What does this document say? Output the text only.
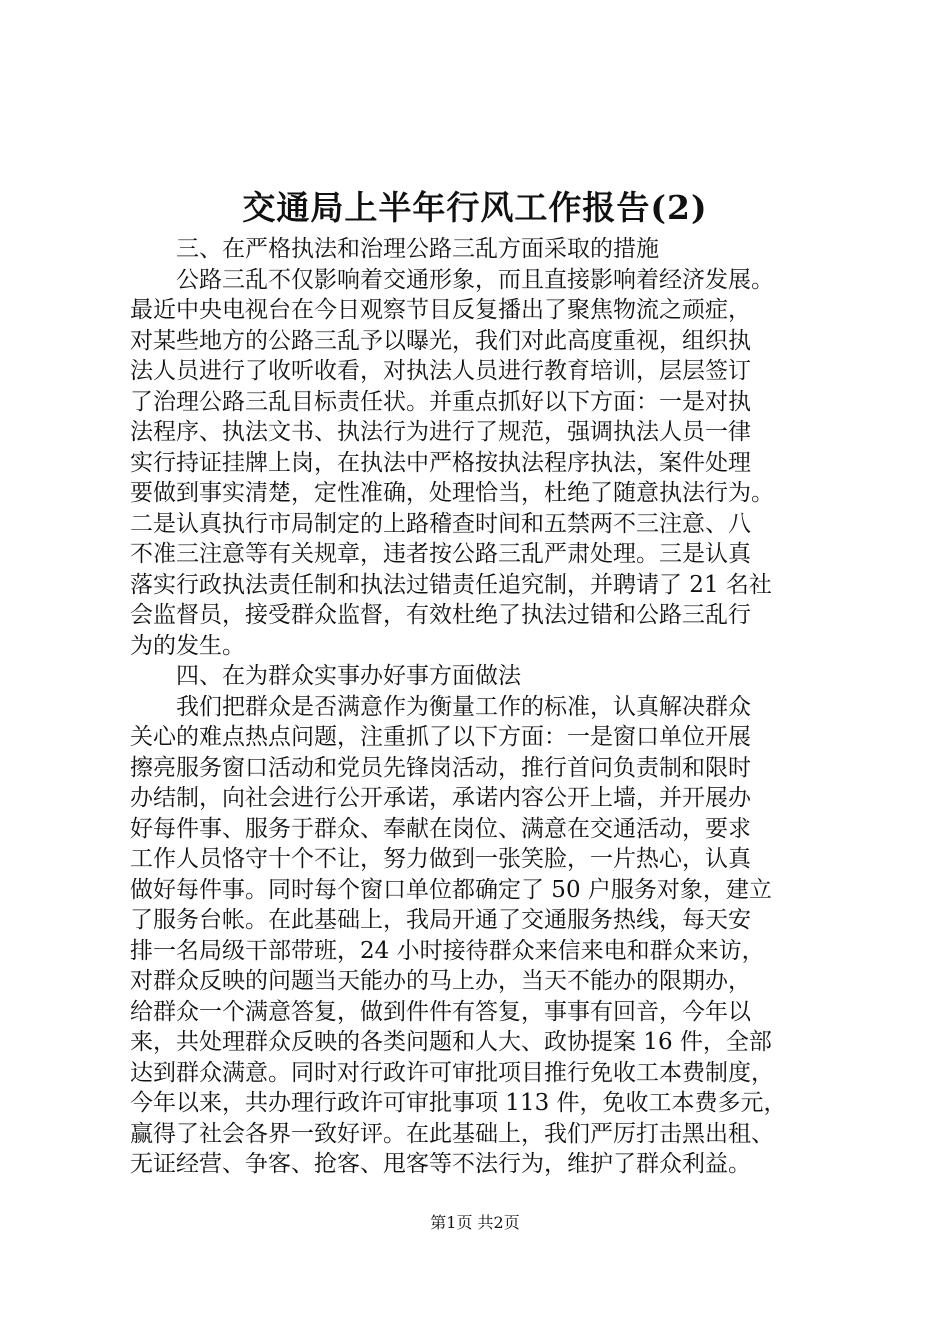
交通局上半年行风工作报告(2)
三、在严格执法和治理公路三乱方面采取的措施
公路三乱不仅影响着交通形象，而且直接影响着经济发展。
最近中央电视台在今日观察节目反复播出了聚焦物流之顽症，
对某些地方的公路三乱予以曝光，我们对此高度重视，组织执
法人员进行了收听收看，对执法人员进行教育培训，层层签订
了治理公路三乱目标责任状。并重点抓好以下方面：一是对执
法程序、执法文书、执法行为进行了规范，强调执法人员一律
实行持证挂牌上岗，在执法中严格按执法程序执法，案件处理
要做到事实清楚，定性准确，处理恰当，杜绝了随意执法行为。
二是认真执行市局制定的上路稽查时间和五禁两不三注意、八
不准三注意等有关规章，违者按公路三乱严肃处理。三是认真
落实行政执法责任制和执法过错责任追究制，并聘请了 21 名社
会监督员，接受群众监督，有效杜绝了执法过错和公路三乱行
为的发生。
四、在为群众实事办好事方面做法
我们把群众是否满意作为衡量工作的标准，认真解决群众
关心的难点热点问题，注重抓了以下方面：一是窗口单位开展
擦亮服务窗口活动和党员先锋岗活动，推行首问负责制和限时
办结制，向社会进行公开承诺，承诺内容公开上墙，并开展办
好每件事、服务于群众、奉献在岗位、满意在交通活动，要求
工作人员恪守十个不让，努力做到一张笑脸，一片热心，认真
做好每件事。同时每个窗口单位都确定了 50 户服务对象，建立
了服务台帐。在此基础上，我局开通了交通服务热线，每天安
排一名局级干部带班，24 小时接待群众来信来电和群众来访，
对群众反映的问题当天能办的马上办，当天不能办的限期办，
给群众一个满意答复，做到件件有答复，事事有回音，今年以
来，共处理群众反映的各类问题和人大、政协提案 16 件，全部
达到群众满意。同时对行政许可审批项目推行免收工本费制度，
今年以来，共办理行政许可审批事项 113 件，免收工本费多元，
赢得了社会各界一致好评。在此基础上，我们严厉打击黑出租、
无证经营、争客、抢客、甩客等不法行为，维护了群众利益。
第1页 共2页
